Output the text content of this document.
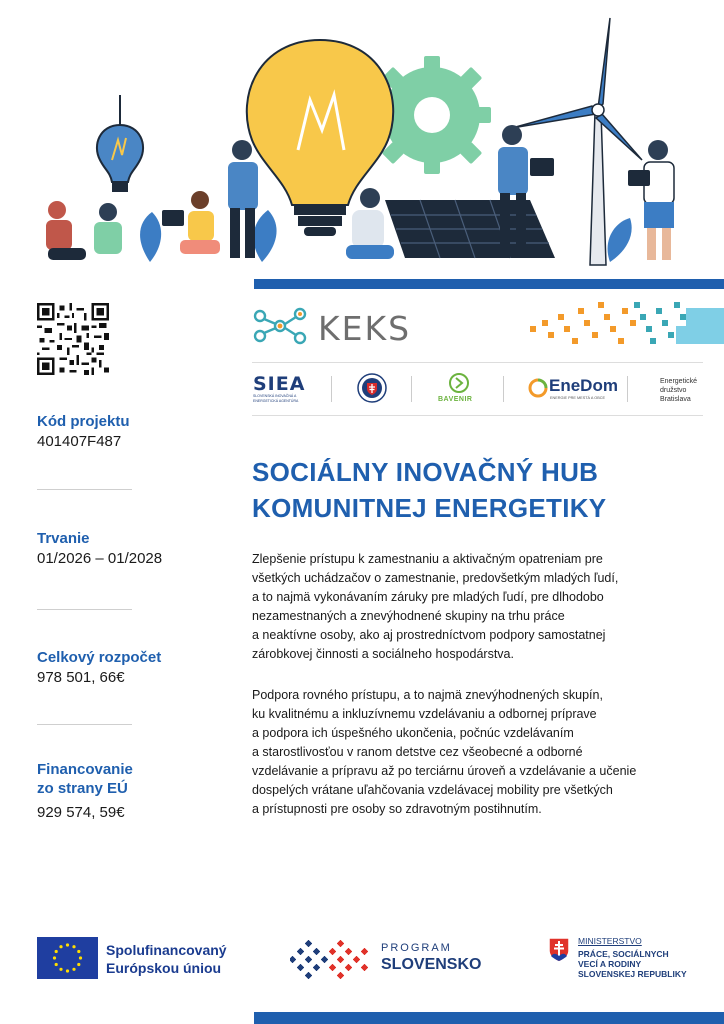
Kód projektu
401407F487
Trvanie
01/2026 – 01/2028
Celkový rozpočet
978 501, 66€
Financovanie
zo strany EÚ
929 574, 59€
KEKS
SIEA
SLOVENSKÁ INOVAČNÁ A ENERGETICKÁ AGENTÚRA	BAVENIR
EneDom
ENERGIE PRE MESTÁ A OBCE
Energetické
družstvo
Bratislava
SOCIÁLNY INOVAČNÝ HUB
KOMUNITNEJ ENERGETIKY
Zlepšenie prístupu k zamestnaniu a aktivačným opatreniam pre
všetkých uchádzačov o zamestnanie, predovšetkým mladých ľudí,
a to najmä vykonávaním záruky pre mladých ľudí, pre dlhodobo
nezamestnaných a znevýhodnené skupiny na trhu práce
a neaktívne osoby, ako aj prostredníctvom podpory samostatnej
zárobkovej činnosti a sociálneho hospodárstva.
Podpora rovného prístupu, a to najmä znevýhodnených skupín,
ku kvalitnému a inkluzívnemu vzdelávaniu a odbornej príprave
a podpora ich úspešného ukončenia, počnúc vzdelávaním
a starostlivosťou v ranom detstve cez všeobecné a odborné
vzdelávanie a prípravu až po terciárnu úroveň a vzdelávanie a učenie
dospelých vrátane uľahčovania vzdelávacej mobility pre všetkých
a prístupnosti pre osoby so zdravotným postihnutím.
Spolufinancovaný
Európskou úniou
PROGRAM
SLOVENSKO
MINISTERSTVO
PRÁCE, SOCIÁLNYCH
VECÍ A RODINY
SLOVENSKEJ REPUBLIKY
